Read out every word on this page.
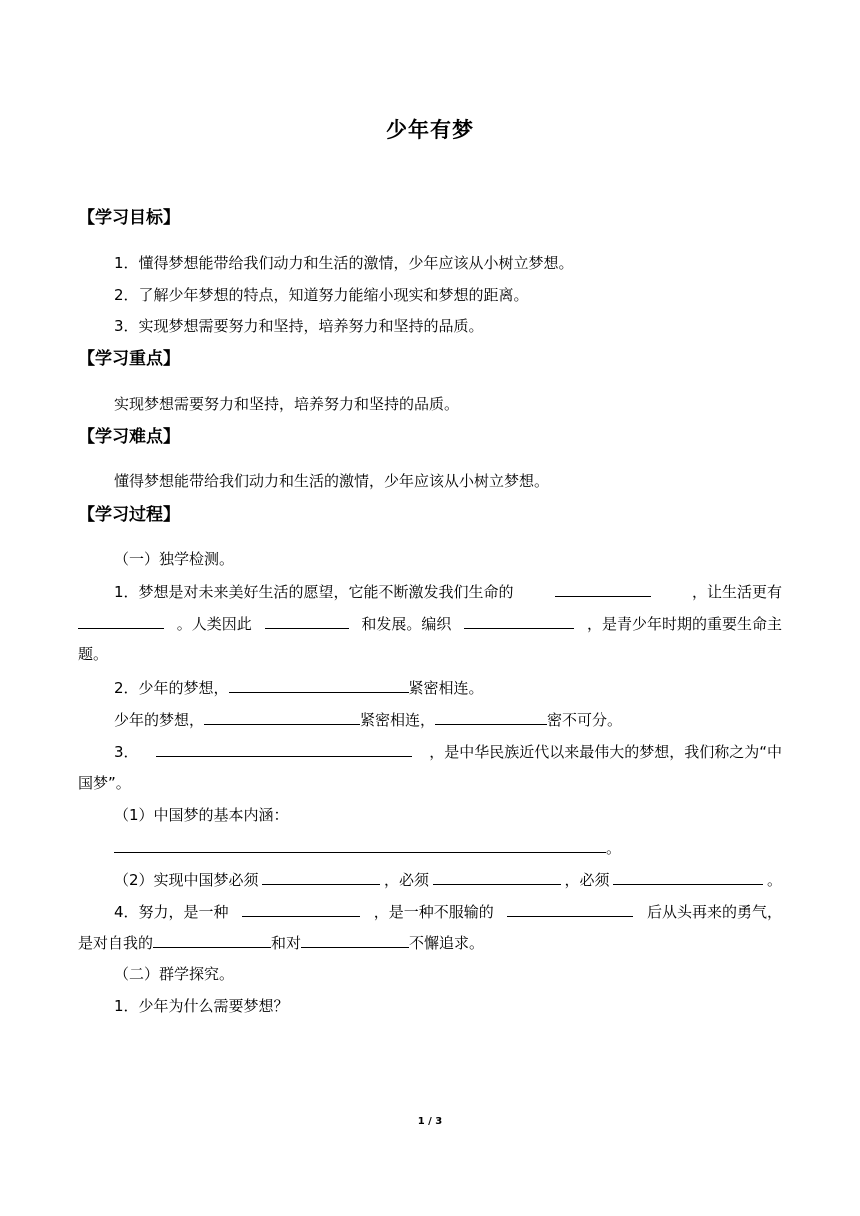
少年有梦
【学习目标】
1．懂得梦想能带给我们动力和生活的激情，少年应该从小树立梦想。
2．了解少年梦想的特点，知道努力能缩小现实和梦想的距离。
3．实现梦想需要努力和坚持，培养努力和坚持的品质。
【学习重点】
实现梦想需要努力和坚持，培养努力和坚持的品质。
【学习难点】
懂得梦想能带给我们动力和生活的激情，少年应该从小树立梦想。
【学习过程】
（一）独学检测。
1．梦想是对未来美好生活的愿望，它能不断激发我们生命的	，让生活更有
。人类因此	和发展。编织	，是青少年时期的重要生命主
题。
2．少年的梦想，	紧密相连。
少年的梦想，	紧密相连，	密不可分。
3．	，是中华民族近代以来最伟大的梦想，我们称之为“中
国梦”。
（1）中国梦的基本内涵：
。
（2）实现中国梦必须	，必须	，必须	。
4．努力，是一种	，是一种不服输的	后从头再来的勇气，
是对自我的	和对	不懈追求。
（二）群学探究。
1．少年为什么需要梦想？
1 / 3
